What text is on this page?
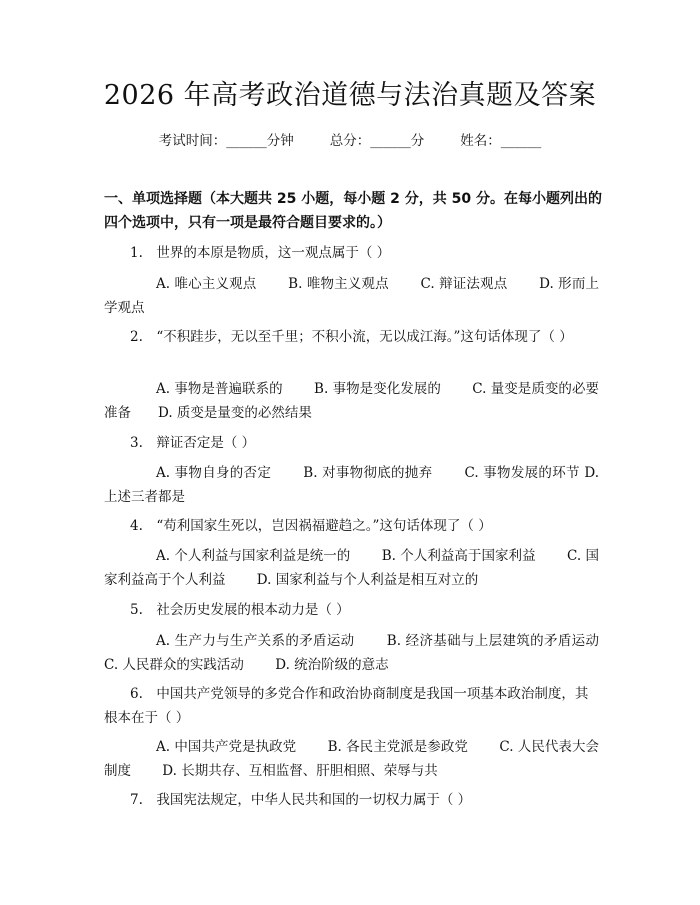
2026 年高考政治道德与法治真题及答案
考试时间：______分钟	总分：______分	姓名：______
一、单项选择题（本大题共 25 小题，每小题 2 分，共 50 分。在每小题列出的四个选项中，只有一项是最符合题目要求的。）
1.　世界的本原是物质，这一观点属于（ ）
A. 唯心主义观点　　 B. 唯物主义观点　　 C. 辩证法观点　　 D. 形而上学观点
2.　“不积跬步，无以至千里；不积小流，无以成江海。”这句话体现了（ ）
A. 事物是普遍联系的　　 B. 事物是变化发展的　　 C. 量变是质变的必要准备　　D. 质变是量变的必然结果
3.　辩证否定是（ ）
A. 事物自身的否定　　 B. 对事物彻底的抛弃　　 C. 事物发展的环节 D. 上述三者都是
4.　“苟利国家生死以，岂因祸福避趋之。”这句话体现了（ ）
A. 个人利益与国家利益是统一的　　 B. 个人利益高于国家利益　　 C. 国家利益高于个人利益　　 D. 国家利益与个人利益是相互对立的
5.　社会历史发展的根本动力是（ ）
A. 生产力与生产关系的矛盾运动　　 B. 经济基础与上层建筑的矛盾运动　　C. 人民群众的实践活动　　 D. 统治阶级的意志
6.　中国共产党领导的多党合作和政治协商制度是我国一项基本政治制度，其根本在于（ ）
A. 中国共产党是执政党　　 B. 各民主党派是参政党　　 C. 人民代表大会制度　　 D. 长期共存、互相监督、肝胆相照、荣辱与共
7.　我国宪法规定，中华人民共和国的一切权力属于（ ）
